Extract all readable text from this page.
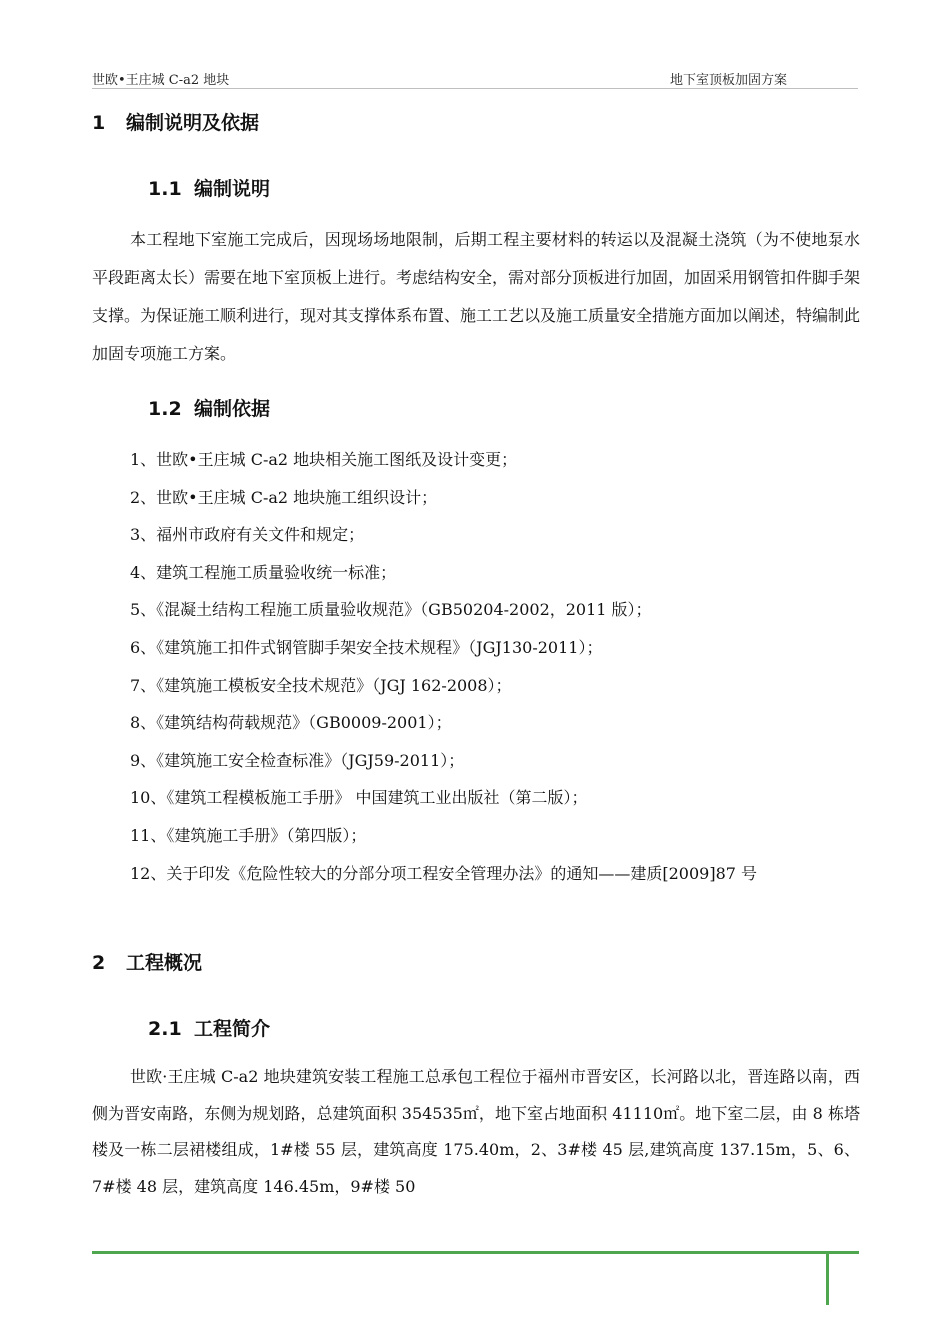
世欧•王庄城 C-a2 地块	地下室顶板加固方案
1 编制说明及依据
1.1 编制说明

本工程地下室施工完成后，因现场场地限制，后期工程主要材料的转运以及混凝土浇筑（为不使地泵水平段距离太长）需要在地下室顶板上进行。考虑结构安全，需对部分顶板进行加固，加固采用钢管扣件脚手架支撑。为保证施工顺利进行，现对其支撑体系布置、施工工艺以及施工质量安全措施方面加以阐述，特编制此加固专项施工方案。

1.2 编制依据
1、世欧•王庄城 C-a2 地块相关施工图纸及设计变更；
2、世欧•王庄城 C-a2 地块施工组织设计；
3、福州市政府有关文件和规定；
4、建筑工程施工质量验收统一标准；
5、《混凝土结构工程施工质量验收规范》（GB50204-2002，2011 版）；
6、《建筑施工扣件式钢管脚手架安全技术规程》（JGJ130-2011）；
7、《建筑施工模板安全技术规范》（JGJ 162-2008）；
8、《建筑结构荷载规范》（GB0009-2001）；
9、《建筑施工安全检查标准》（JGJ59-2011）；
10、《建筑工程模板施工手册》 中国建筑工业出版社（第二版）；
11、《建筑施工手册》（第四版）；
12、关于印发《危险性较大的分部分项工程安全管理办法》的通知——建质[2009]87 号
2 工程概况
2.1 工程简介

世欧·王庄城 C-a2 地块建筑安装工程施工总承包工程位于福州市晋安区，长河路以北，晋连路以南，西侧为晋安南路，东侧为规划路，总建筑面积 354535㎡，地下室占地面积 41110㎡。地下室二层，由 8 栋塔楼及一栋二层裙楼组成，1#楼 55 层，建筑高度 175.40m，2、3#楼 45 层,建筑高度 137.15m，5、6、7#楼 48 层，建筑高度 146.45m，9#楼 50
